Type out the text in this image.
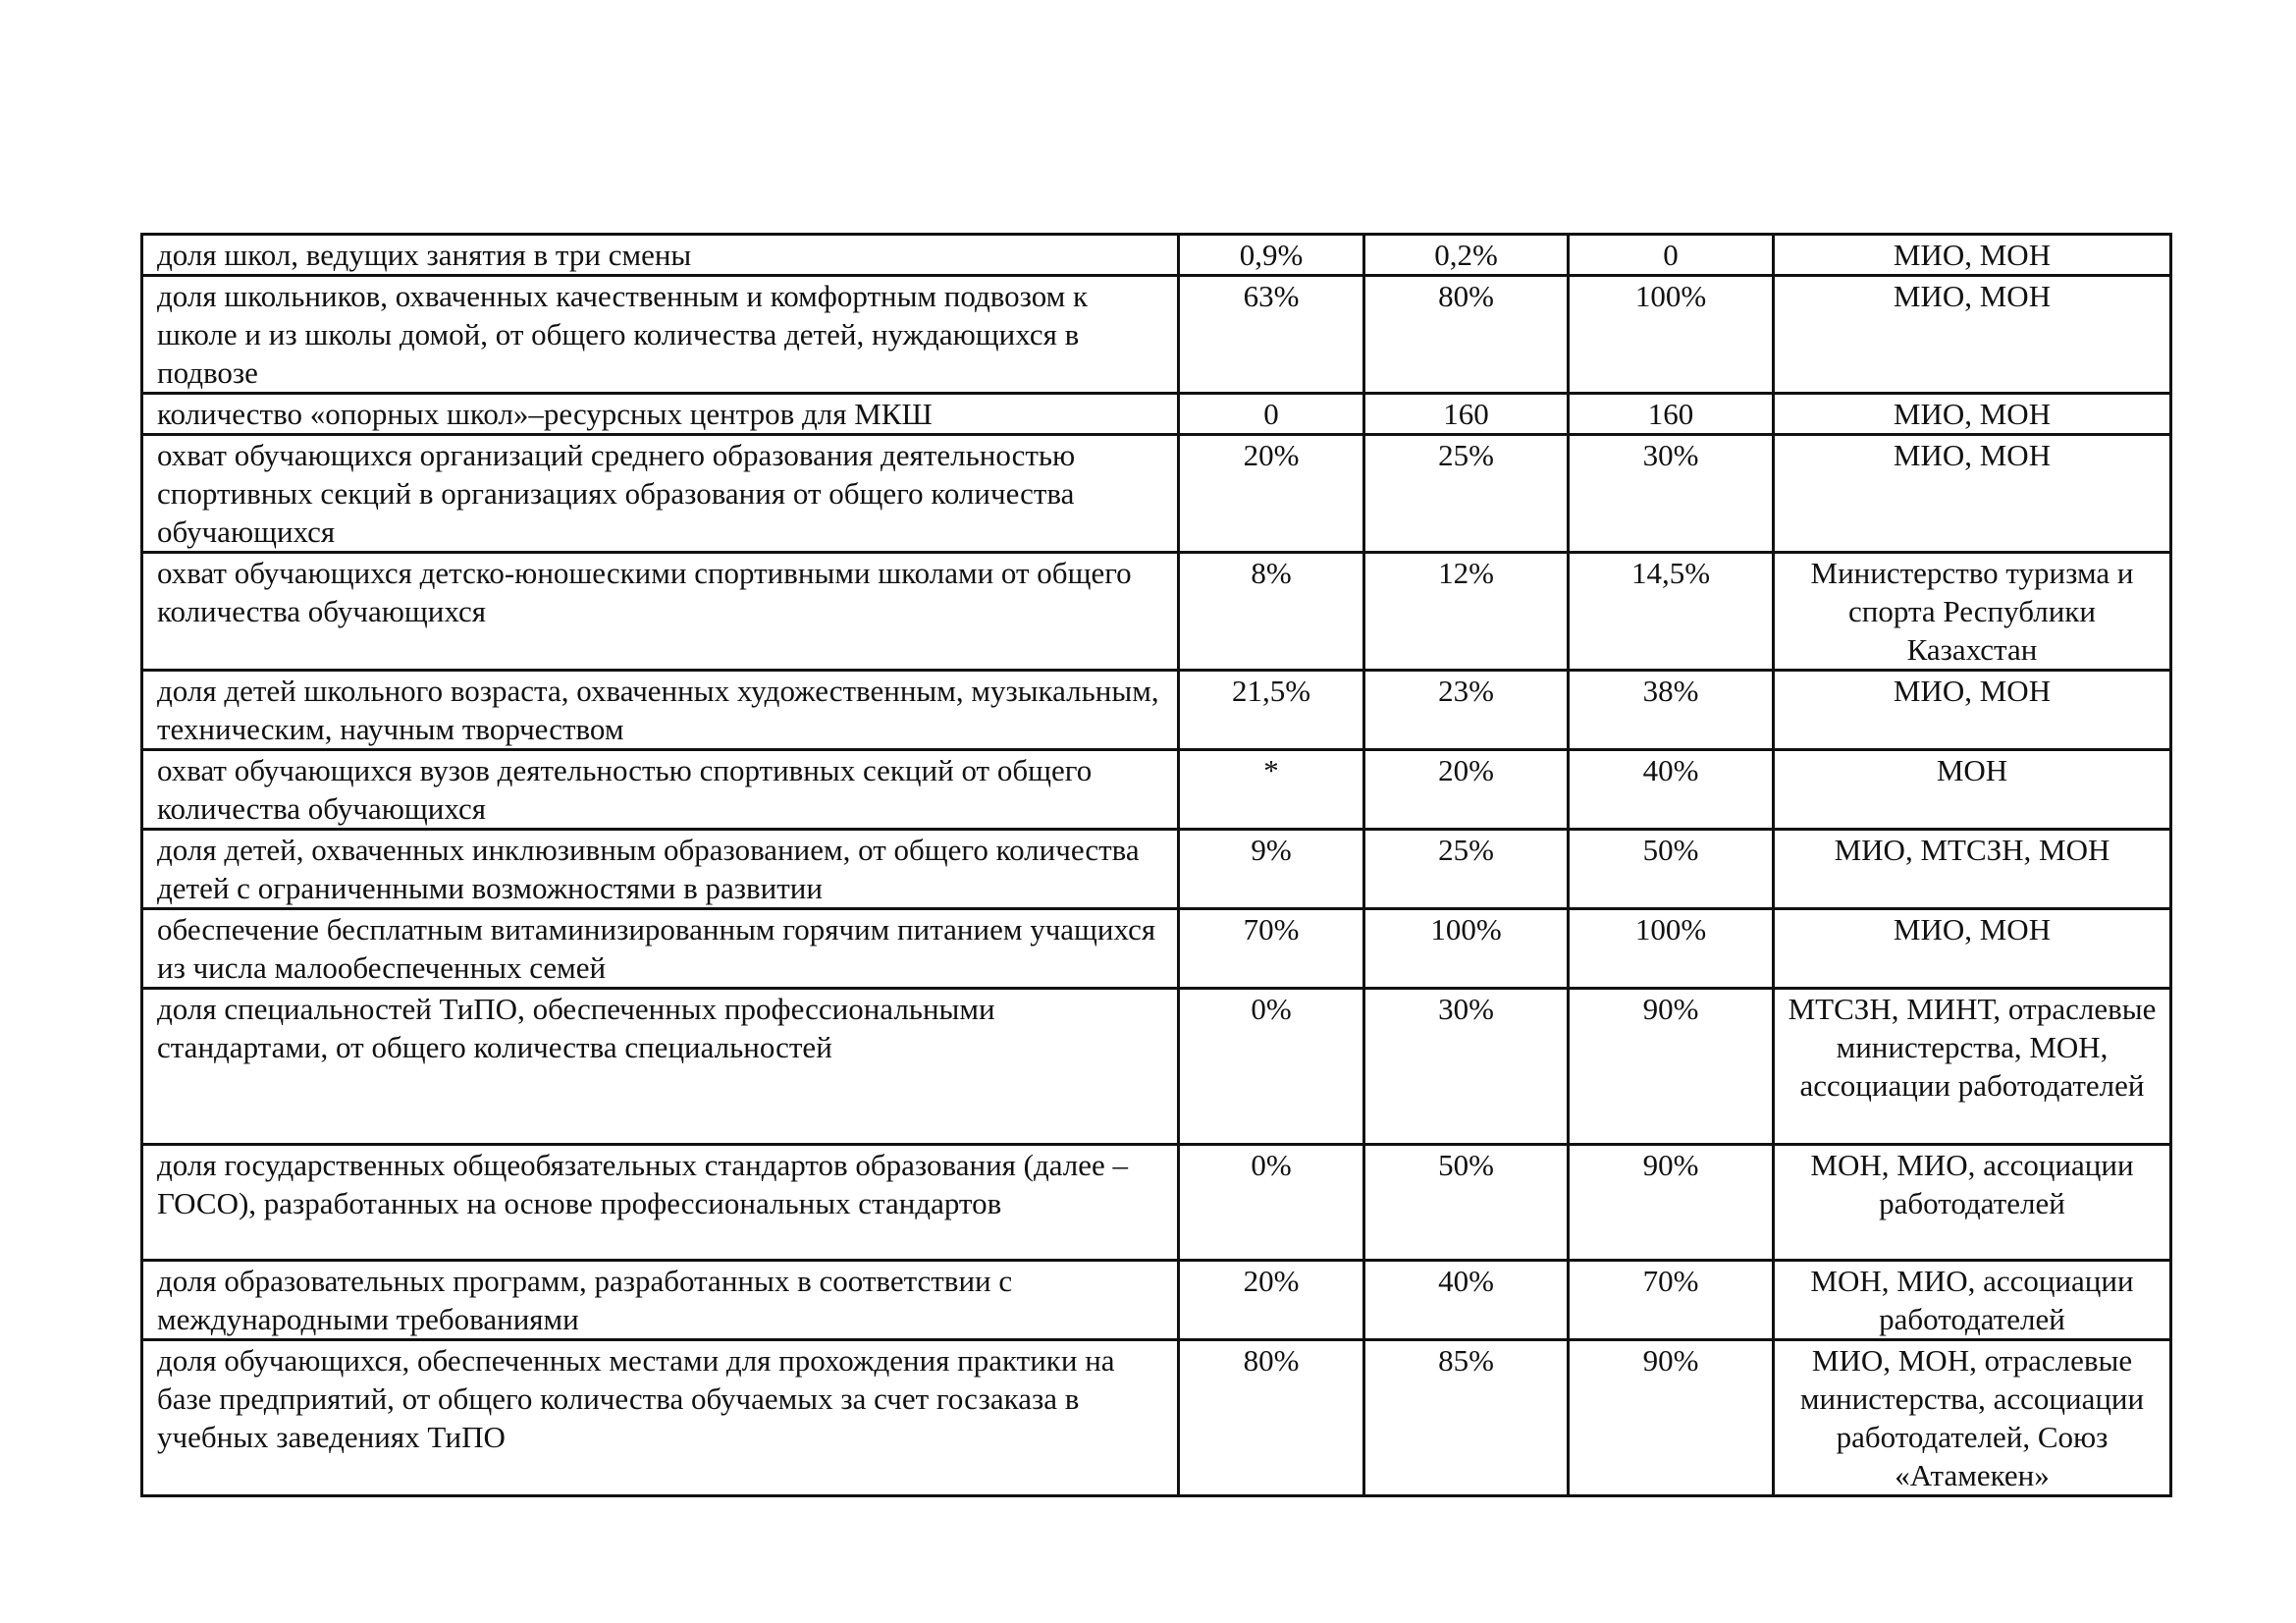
доля школ, ведущих занятия в три смены	0,9%	0,2%	0	МИО, МОН
доля школьников, охваченных качественным и комфортным подвозом к школе и из школы домой, от общего количества детей, нуждающихся в подвозе	63%	80%	100%	МИО, МОН
количество «опорных школ»–ресурсных центров для МКШ	0	160	160	МИО, МОН
охват обучающихся организаций среднего образования деятельностью спортивных секций в организациях образования от общего количества обучающихся	20%	25%	30%	МИО, МОН
охват обучающихся детско-юношескими спортивными школами от общего количества обучающихся	8%	12%	14,5%	Министерство туризма и спорта Республики Казахстан
доля детей школьного возраста, охваченных художественным, музыкальным, техническим, научным творчеством	21,5%	23%	38%	МИО, МОН
охват обучающихся вузов деятельностью спортивных секций от общего количества обучающихся	*	20%	40%	МОН
доля детей, охваченных инклюзивным образованием, от общего количества детей с ограниченными возможностями в развитии	9%	25%	50%	МИО, МТСЗН, МОН
обеспечение бесплатным витаминизированным горячим питанием учащихся из числа малообеспеченных семей	70%	100%	100%	МИО, МОН
доля специальностей ТиПО, обеспеченных профессиональными стандартами, от общего количества специальностей	0%	30%	90%	МТСЗН, МИНТ, отраслевые министерства, МОН, ассоциации работодателей
доля государственных общеобязательных стандартов образования (далее – ГОСО), разработанных на основе профессиональных стандартов	0%	50%	90%	МОН, МИО, ассоциации работодателей
доля образовательных программ, разработанных в соответствии с международными требованиями	20%	40%	70%	МОН, МИО, ассоциации работодателей
доля обучающихся, обеспеченных местами для прохождения практики на базе предприятий, от общего количества обучаемых за счет госзаказа в учебных заведениях ТиПО	80%	85%	90%	МИО, МОН, отраслевые министерства, ассоциации работодателей, Союз «Атамекен»
